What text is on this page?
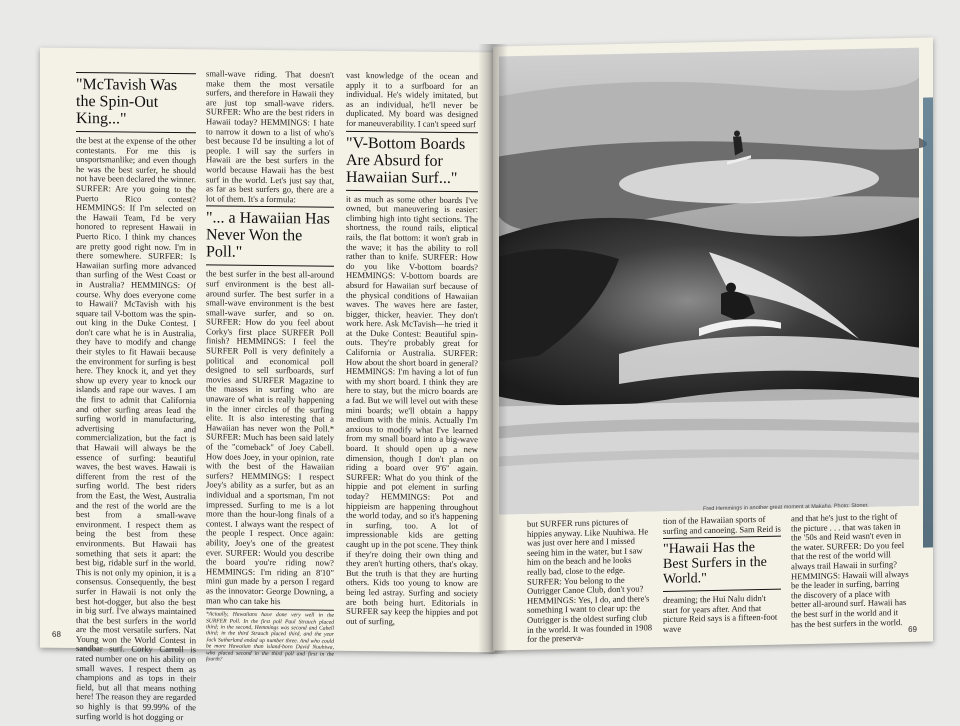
"McTavish Was the Spin-Out King..."

the best at the expense of the other contestants. For me this is unsportsmanlike; and even though he was the best surfer, he should not have been declared the winner. SURFER: Are you going to the Puerto Rico contest? HEMMINGS: If I'm selected on the Hawaii Team, I'd be very honored to represent Hawaii in Puerto Rico. I think my chances are pretty good right now. I'm in there somewhere. SURFER: Is Hawaiian surfing more advanced than surfing of the West Coast or in Australia? HEMMINGS: Of course. Why does everyone come to Hawaii? McTavish with his square tail V-bottom was the spin-out king in the Duke Contest. I don't care what he is in Australia, they have to modify and change their styles to fit Hawaii because the environment for surfing is best here. They knock it, and yet they show up every year to knock our islands and rape our waves. I am the first to admit that California and other surfing areas lead the surfing world in manufacturing, advertising and commercialization, but the fact is that Hawaii will always be the essence of surfing: beautiful waves, the best waves. Hawaii is different from the rest of the surfing world. The best riders from the East, the West, Australia and the rest of the world are the best from a small-wave environment. I respect them as being the best from these environments. But Hawaii has something that sets it apart: the best big, ridable surf in the world. This is not only my opinion, it is a consensus. Consequently, the best surfer in Hawaii is not only the best hot-dogger, but also the best in big surf. I've always maintained that the best surfers in the world are the most versatile surfers. Nat Young won the World Contest in sandbar surf. Corky Carroll is rated number one on his ability on small waves. I respect them as champions and as tops in their field, but all that means nothing here! The reason they are regarded so highly is that 99.99% of the surfing world is hot dogging or

small-wave riding. That doesn't make them the most versatile surfers, and therefore in Hawaii they are just top small-wave riders. SURFER: Who are the best riders in Hawaii today? HEMMINGS: I hate to narrow it down to a list of who's best because I'd be insulting a lot of people. I will say the surfers in Hawaii are the best surfers in the world because Hawaii has the best surf in the world. Let's just say that, as far as best surfers go, there are a lot of them. It's a formula:

"... a Hawaiian Has Never Won the Poll."

the best surfer in the best all-around surf environment is the best all-around surfer. The best surfer in a small-wave environment is the best small-wave surfer, and so on. SURFER: How do you feel about Corky's first place SURFER Poll finish? HEMMINGS: I feel the SURFER Poll is very definitely a political and economical poll designed to sell surfboards, surf movies and SURFER Magazine to the masses in surfing who are unaware of what is really happening in the inner circles of the surfing elite. It is also interesting that a Hawaiian has never won the Poll.* SURFER: Much has been said lately of the "comeback" of Joey Cabell. How does Joey, in your opinion, rate with the best of the Hawaiian surfers? HEMMINGS: I respect Joey's ability as a surfer, but as an individual and a sportsman, I'm not impressed. Surfing to me is a lot more than the hour-long finals of a contest. I always want the respect of the people I respect. Once again: ability, Joey's one of the greatest ever. SURFER: Would you describe the board you're riding now? HEMMINGS: I'm riding an 8'10" mini gun made by a person I regard as the innovator: George Downing, a man who can take his

*Actually, Hawaiians have done very well in the SURFER Poll. In the first poll Paul Strauch placed third; in the second, Hemmings was second and Cabell third; in the third Strauch placed third, and the year Jock Sutherland ended up number three. And who could be more Hawaiian than island-born David Nuuhiwa, who placed second in the third poll and first in the fourth?

vast knowledge of the ocean and apply it to a surfboard for an individual. He's widely imitated, but as an individual, he'll never be duplicated. My board was designed for maneuverability. I can't speed surf

"V-Bottom Boards Are Absurd for Hawaiian Surf..."

it as much as some other boards I've owned, but maneuvering is easier: climbing high into tight sections. The shortness, the round rails, eliptical rails, the flat bottom: it won't grab in the wave; it has the ability to roll rather than to knife. SURFER: How do you like V-bottom boards? HEMMINGS: V-bottom boards are absurd for Hawaiian surf because of the physical conditions of Hawaiian waves. The waves here are faster, bigger, thicker, heavier. They don't work here. Ask McTavish—he tried it at the Duke Contest: Beautiful spin-outs. They're probably great for California or Australia. SURFER: How about the short board in general? HEMMINGS: I'm having a lot of fun with my short board. I think they are here to stay, but the micro boards are a fad. But we will level out with these mini boards; we'll obtain a happy medium with the minis. Actually I'm anxious to modify what I've learned from my small board into a big-wave board. It should open up a new dimension, though I don't plan on riding a board over 9'6" again. SURFER: What do you think of the hippie and pot element in surfing today? HEMMINGS: Pot and hippieism are happening throughout the world today, and so it's happening in surfing, too. A lot of impressionable kids are getting caught up in the pot scene. They think if they're doing their own thing and they aren't hurting others, that's okay. But the truth is that they are hurting others. Kids too young to know are being led astray. Surfing and society are both being hurt. Editorials in SURFER say keep the hippies and pot out of surfing,

68
Fred Hemmings in another great moment at Makaha. Photo: Stoner.

but SURFER runs pictures of hippies anyway. Like Nuuhiwa. He was just over here and I missed seeing him in the water, but I saw him on the beach and he looks really bad, close to the edge. SURFER: You belong to the Outrigger Canoe Club, don't you? HEMMINGS: Yes, I do, and there's something I want to clear up: the Outrigger is the oldest surfing club in the world. It was founded in 1908 for the preserva-

tion of the Hawaiian sports of surfing and canoeing. Sam Reid is

"Hawaii Has the Best Surfers in the World."

dreaming; the Hui Nalu didn't start for years after. And that picture Reid says is a fifteen-foot wave

and that he's just to the right of the picture . . . that was taken in the '50s and Reid wasn't even in the water. SURFER: Do you feel that the rest of the world will always trail Hawaii in surfing? HEMMINGS: Hawaii will always be the leader in surfing, barring the discovery of a place with better all-around surf. Hawaii has the best surf in the world and it has the best surfers in the world.

69
